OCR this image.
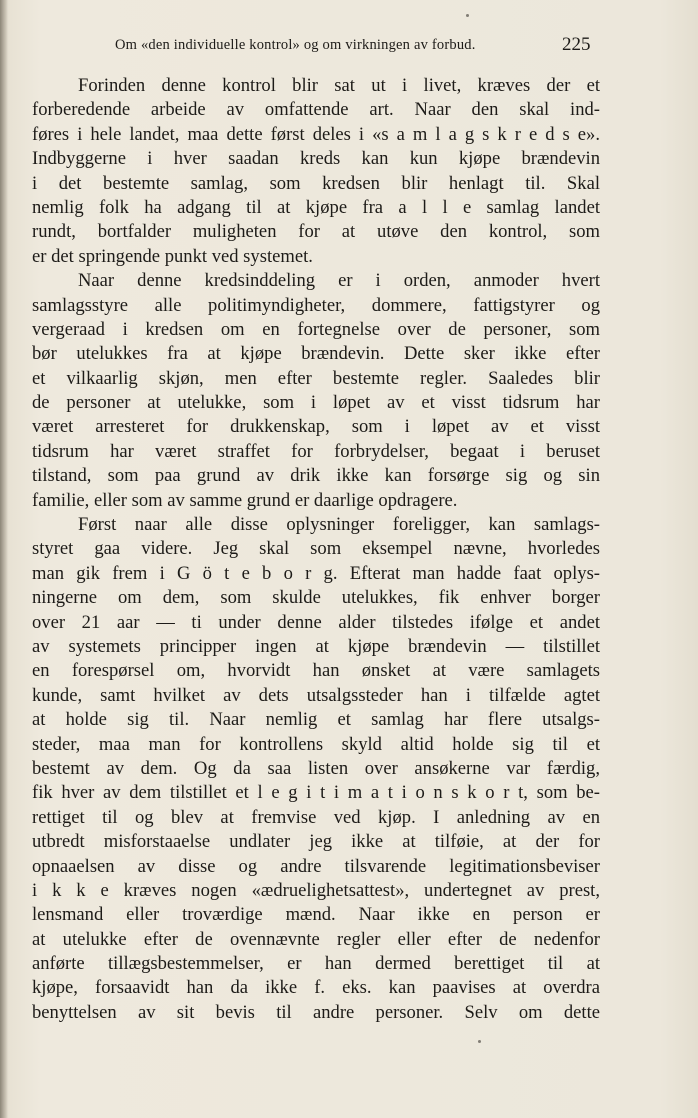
Om «den individuelle kontrol» og om virkningen av forbud.	225
Forinden denne kontrol blir sat ut i livet, kræves der et
forberedende arbeide av omfattende art. Naar den skal ind-
føres i hele landet, maa dette først deles i «s a m l a g s k r e d s e».
Indbyggerne i hver saadan kreds kan kun kjøpe brændevin
i det bestemte samlag, som kredsen blir henlagt til. Skal
nemlig folk ha adgang til at kjøpe fra a l l e samlag landet
rundt, bortfalder muligheten for at utøve den kontrol, som
er det springende punkt ved systemet.
Naar denne kredsinddeling er i orden, anmoder hvert
samlagsstyre alle politimyndigheter, dommere, fattigstyrer og
vergeraad i kredsen om en fortegnelse over de personer, som
bør utelukkes fra at kjøpe brændevin. Dette sker ikke efter
et vilkaarlig skjøn, men efter bestemte regler. Saaledes blir
de personer at utelukke, som i løpet av et visst tidsrum har
været arresteret for drukkenskap, som i løpet av et visst
tidsrum har været straffet for forbrydelser, begaat i beruset
tilstand, som paa grund av drik ikke kan forsørge sig og sin
familie, eller som av samme grund er daarlige opdragere.
Først naar alle disse oplysninger foreligger, kan samlags-
styret gaa videre. Jeg skal som eksempel nævne, hvorledes
man gik frem i G ö t e b o r g. Efterat man hadde faat oplys-
ningerne om dem, som skulde utelukkes, fik enhver borger
over 21 aar — ti under denne alder tilstedes ifølge et andet
av systemets principper ingen at kjøpe brændevin — tilstillet
en forespørsel om, hvorvidt han ønsket at være samlagets
kunde, samt hvilket av dets utsalgssteder han i tilfælde agtet
at holde sig til. Naar nemlig et samlag har flere utsalgs-
steder, maa man for kontrollens skyld altid holde sig til et
bestemt av dem. Og da saa listen over ansøkerne var færdig,
fik hver av dem tilstillet et l e g i t i m a t i o n s k o r t, som be-
rettiget til og blev at fremvise ved kjøp. I anledning av en
utbredt misforstaaelse undlater jeg ikke at tilføie, at der for
opnaaelsen av disse og andre tilsvarende legitimationsbeviser
i k k e kræves nogen «ædruelighetsattest», undertegnet av prest,
lensmand eller troværdige mænd. Naar ikke en person er
at utelukke efter de ovennævnte regler eller efter de nedenfor
anførte tillægsbestemmelser, er han dermed berettiget til at
kjøpe, forsaavidt han da ikke f. eks. kan paavises at overdra
benyttelsen av sit bevis til andre personer. Selv om dette
